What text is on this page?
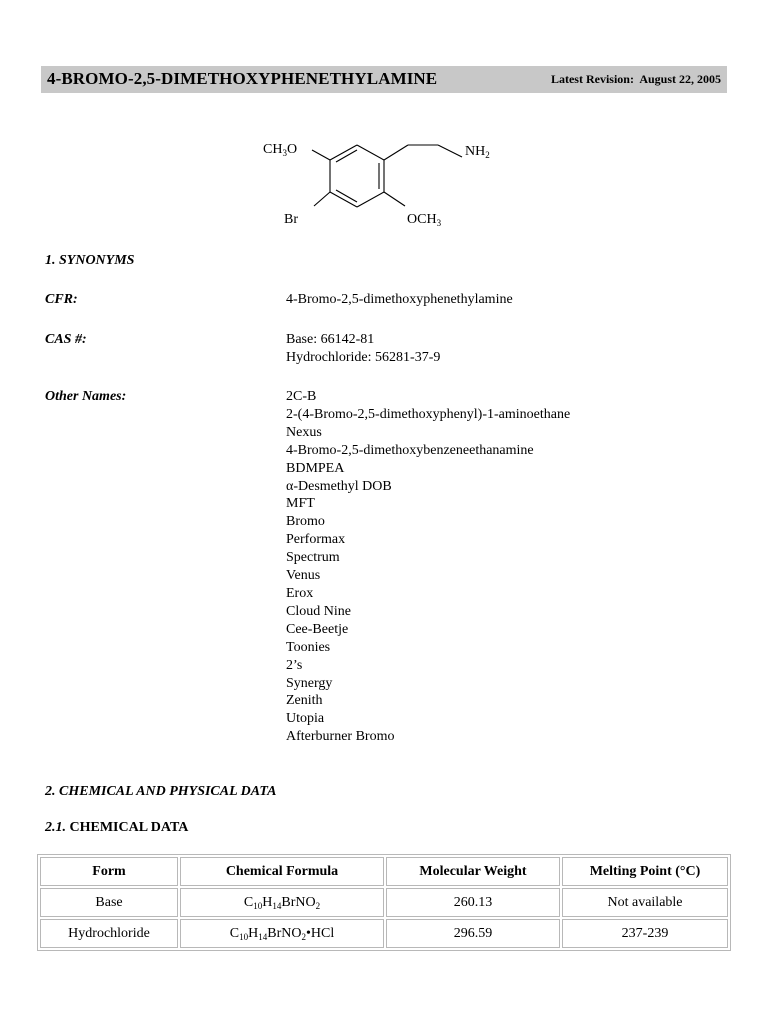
4-BROMO-2,5-DIMETHOXYPHENETHYLAMINE	Latest Revision: August 22, 2005
$CH_3O$	$NH_2$
Br	$OCH_3$
1. SYNONYMS
CFR:	4-Bromo-2,5-dimethoxyphenethylamine
CAS #:	Base: 66142-81
Hydrochloride: 56281-37-9
Other Names:	2C-B
2-(4-Bromo-2,5-dimethoxyphenyl)-1-aminoethane
Nexus
4-Bromo-2,5-dimethoxybenzeneethanamine
BDMPEA
α-Desmethyl DOB
MFT
Bromo
Performax
Spectrum
Venus
Erox
Cloud Nine
Cee-Beetje
Toonies
2’s
Synergy
Zenith
Utopia
Afterburner Bromo
2. CHEMICAL AND PHYSICAL DATA
2.1. CHEMICAL DATA
Form	Chemical Formula	Molecular Weight	Melting Point (°C)
Base	$C_{10}H_{14}BrNO_2$	260.13	Not available
Hydrochloride	$C_{10}H_{14}BrNO_2•HCl$	296.59	237-239
